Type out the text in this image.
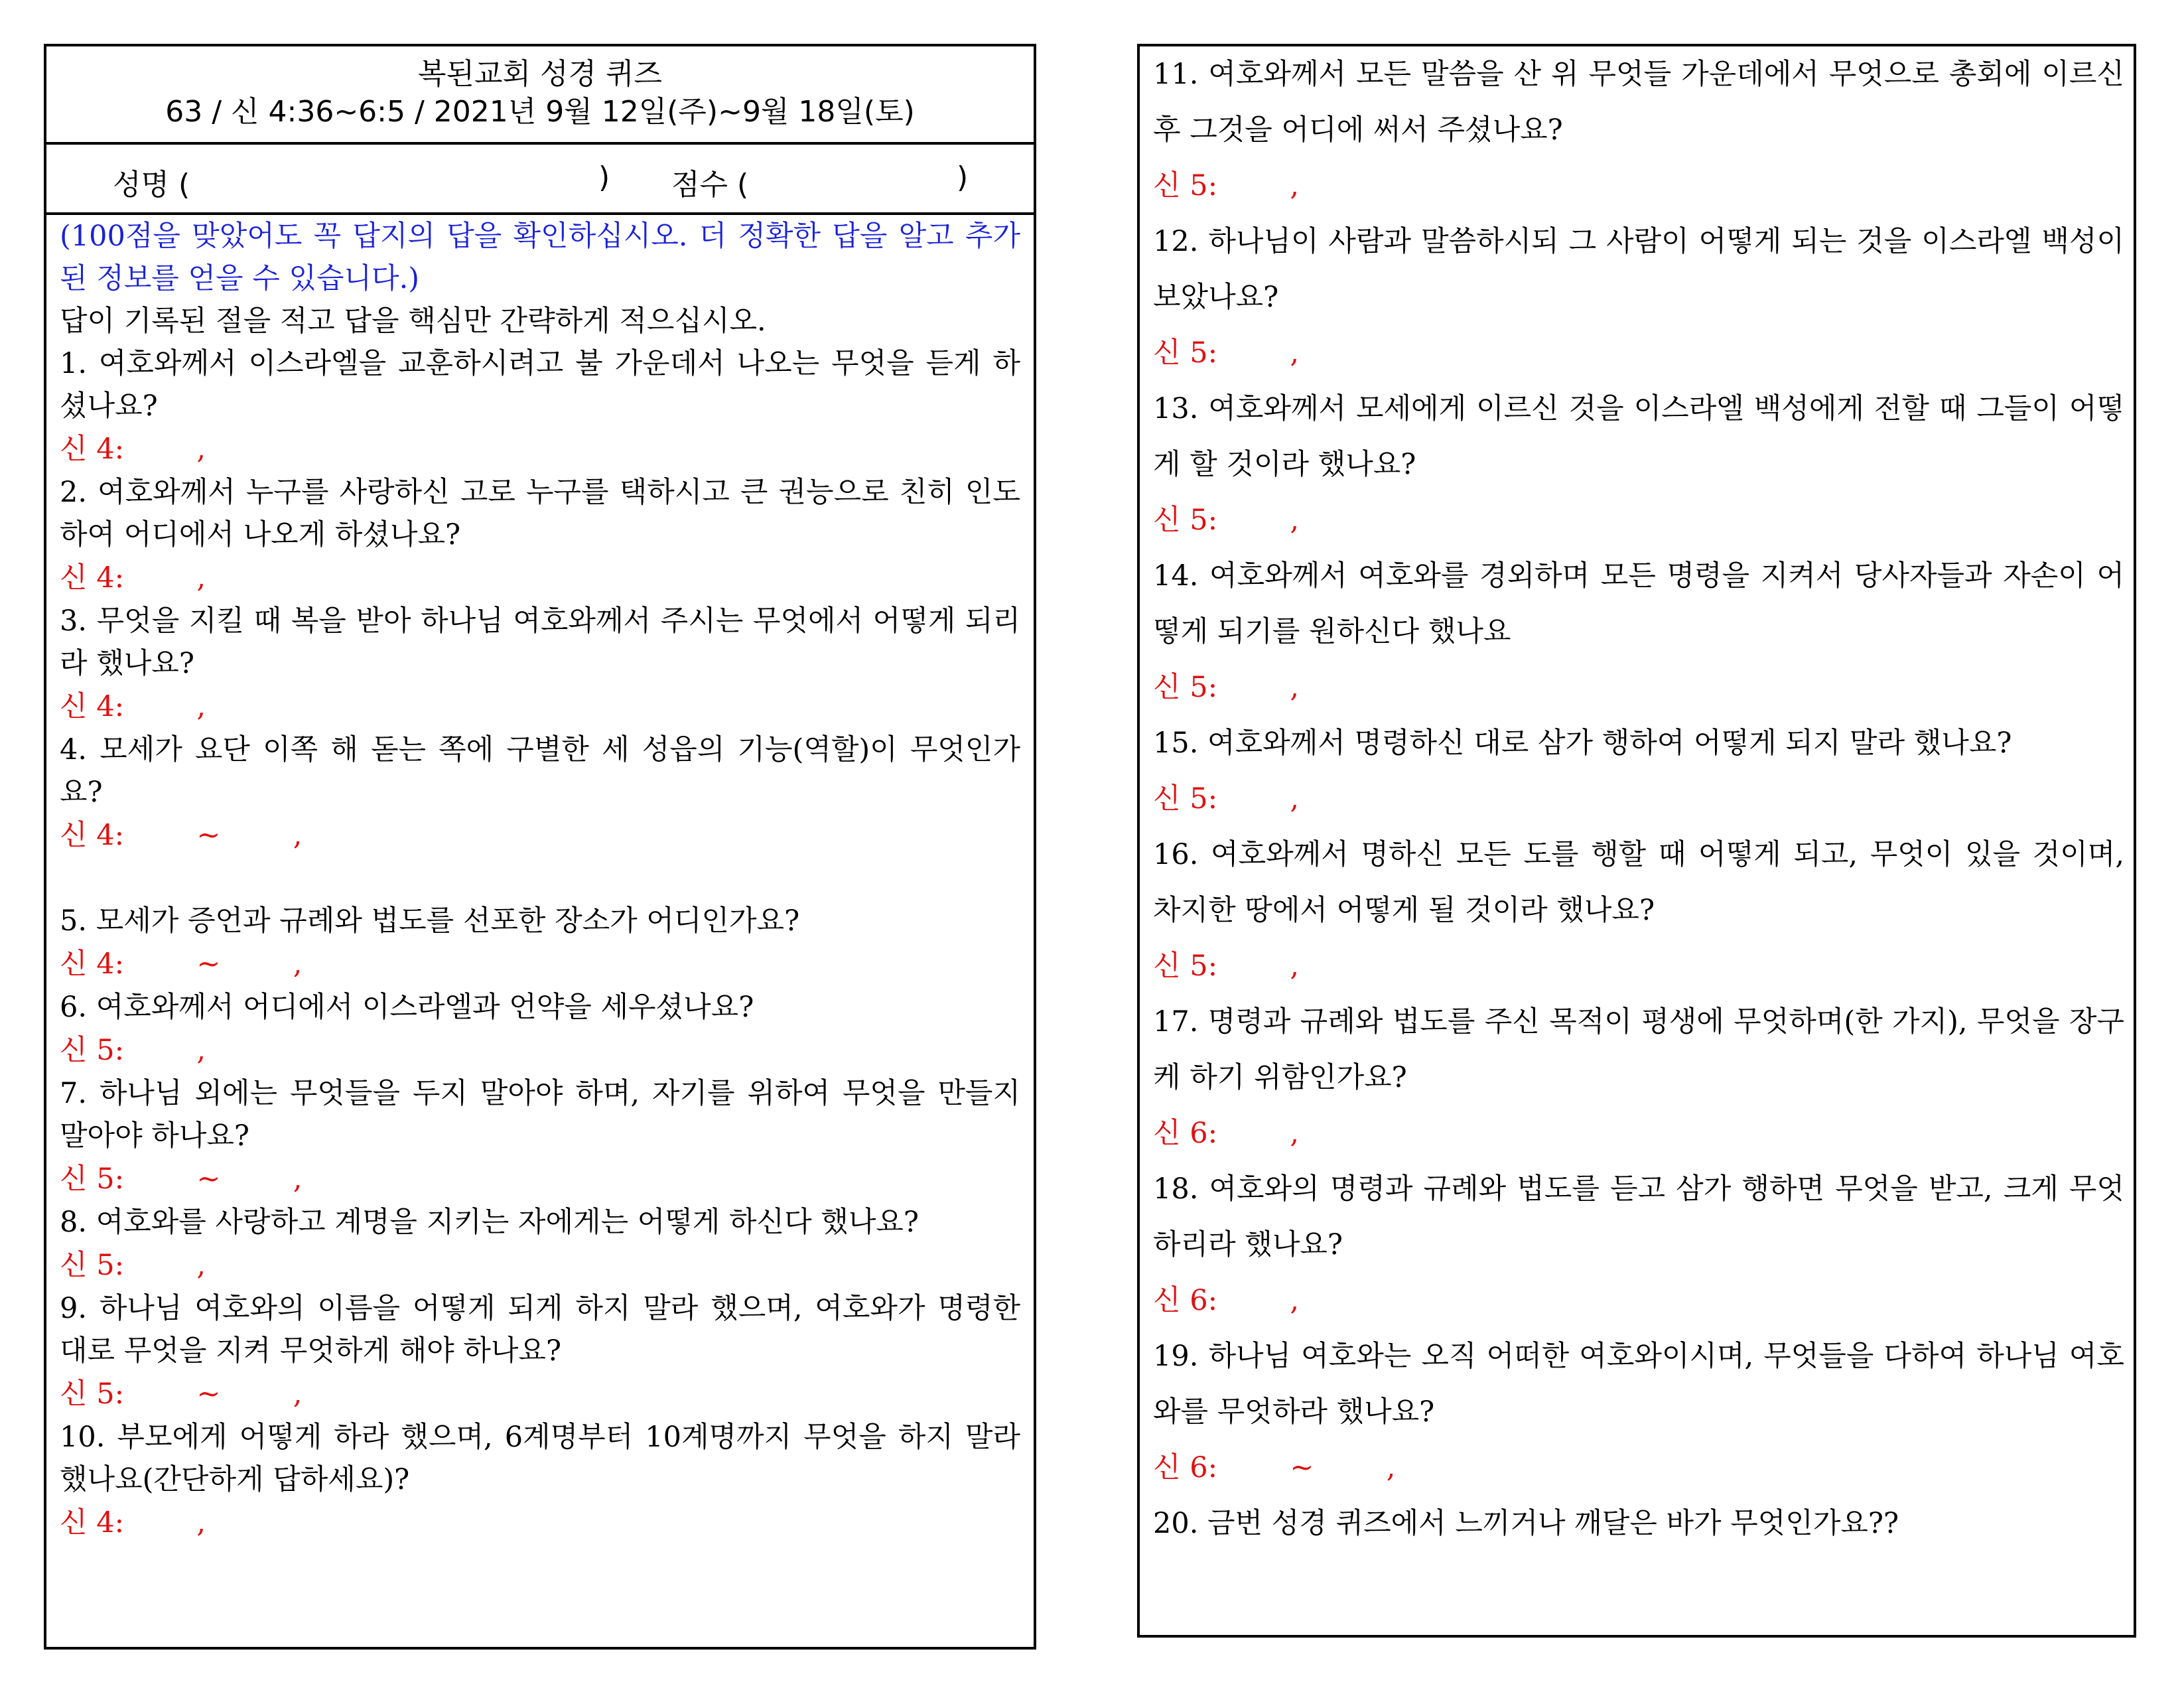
복된교회 성경 퀴즈
63 / 신 4:36~6:5 / 2021년 9월 12일(주)~9월 18일(토)
성명 (	) 점수 (	)
(100점을 맞았어도 꼭 답지의 답을 확인하십시오. 더 정확한 답을 알고 추가된 정보를 얻을 수 있습니다.)
답이 기록된 절을 적고 답을 핵심만 간략하게 적으십시오.
1. 여호와께서 이스라엘을 교훈하시려고 불 가운데서 나오는 무엇을 듣게 하셨나요?
신 4:        ,
2. 여호와께서 누구를 사랑하신 고로 누구를 택하시고 큰 권능으로 친히 인도하여 어디에서 나오게 하셨나요?
신 4:        ,
3. 무엇을 지킬 때 복을 받아 하나님 여호와께서 주시는 무엇에서 어떻게 되리라 했나요?
신 4:        ,
4. 모세가 요단 이쪽 해 돋는 쪽에 구별한 세 성읍의 기능(역할)이 무엇인가요?
신 4:        ~        ,
5. 모세가 증언과 규례와 법도를 선포한 장소가 어디인가요?
신 4:        ~        ,
6. 여호와께서 어디에서 이스라엘과 언약을 세우셨나요?
신 5:        ,
7. 하나님 외에는 무엇들을 두지 말아야 하며, 자기를 위하여 무엇을 만들지 말아야 하나요?
신 5:        ~        ,
8. 여호와를 사랑하고 계명을 지키는 자에게는 어떻게 하신다 했나요?
신 5:        ,
9. 하나님 여호와의 이름을 어떻게 되게 하지 말라 했으며, 여호와가 명령한 대로 무엇을 지켜 무엇하게 해야 하나요?
신 5:        ~        ,
10. 부모에게 어떻게 하라 했으며, 6계명부터 10계명까지 무엇을 하지 말라 했나요(간단하게 답하세요)?
신 4:        ,
11. 여호와께서 모든 말씀을 산 위 무엇들 가운데에서 무엇으로 총회에 이르신 후 그것을 어디에 써서 주셨나요?
신 5:        ,
12. 하나님이 사람과 말씀하시되 그 사람이 어떻게 되는 것을 이스라엘 백성이 보았나요?
신 5:        ,
13. 여호와께서 모세에게 이르신 것을 이스라엘 백성에게 전할 때 그들이 어떻게 할 것이라 했나요?
신 5:        ,
14. 여호와께서 여호와를 경외하며 모든 명령을 지켜서 당사자들과 자손이 어떻게 되기를 원하신다 했나요
신 5:        ,
15. 여호와께서 명령하신 대로 삼가 행하여 어떻게 되지 말라 했나요?
신 5:        ,
16. 여호와께서 명하신 모든 도를 행할 때 어떻게 되고, 무엇이 있을 것이며, 차지한 땅에서 어떻게 될 것이라 했나요?
신 5:        ,
17. 명령과 규례와 법도를 주신 목적이 평생에 무엇하며(한 가지), 무엇을 장구케 하기 위함인가요?
신 6:        ,
18. 여호와의 명령과 규례와 법도를 듣고 삼가 행하면 무엇을 받고, 크게 무엇하리라 했나요?
신 6:        ,
19. 하나님 여호와는 오직 어떠한 여호와이시며, 무엇들을 다하여 하나님 여호와를 무엇하라 했나요?
신 6:        ~        ,
20. 금번 성경 퀴즈에서 느끼거나 깨달은 바가 무엇인가요??
